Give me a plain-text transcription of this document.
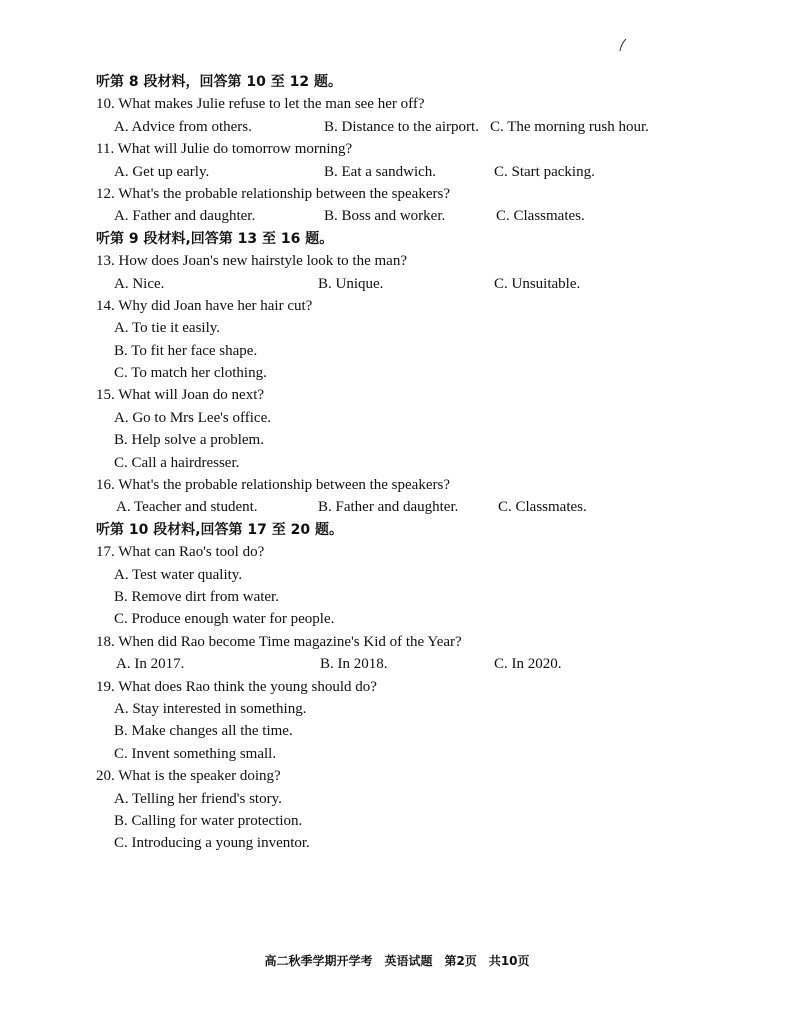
听第 8 段材料，回答第 10 至 12 题。
10. What makes Julie refuse to let the man see her off?
A. Advice from others.	B. Distance to the airport. C. The morning rush hour.
11. What will Julie do tomorrow morning?
A. Get up early.	B. Eat a sandwich.	C. Start packing.
12. What's the probable relationship between the speakers?
A. Father and daughter.	B. Boss and worker.	C. Classmates.
听第 9 段材料,回答第 13 至 16 题。
13. How does Joan's new hairstyle look to the man?
A. Nice.	B. Unique.	C. Unsuitable.
14. Why did Joan have her hair cut?
A. To tie it easily.
B. To fit her face shape.
C. To match her clothing.
15. What will Joan do next?
A. Go to Mrs Lee's office.
B. Help solve a problem.
C. Call a hairdresser.
16. What's the probable relationship between the speakers?
A. Teacher and student.	B. Father and daughter.	C. Classmates.
听第 10 段材料,回答第 17 至 20 题。
17. What can Rao's tool do?
A. Test water quality.
B. Remove dirt from water.
C. Produce enough water for people.
18. When did Rao become Time magazine's Kid of the Year?
A. In 2017.	B. In 2018.	C. In 2020.
19. What does Rao think the young should do?
A. Stay interested in something.
B. Make changes all the time.
C. Invent something small.
20. What is the speaker doing?
A. Telling her friend's story.
B. Calling for water protection.
C. Introducing a young inventor.
高二秋季学期开学考　英语试题　第2页　共10页
